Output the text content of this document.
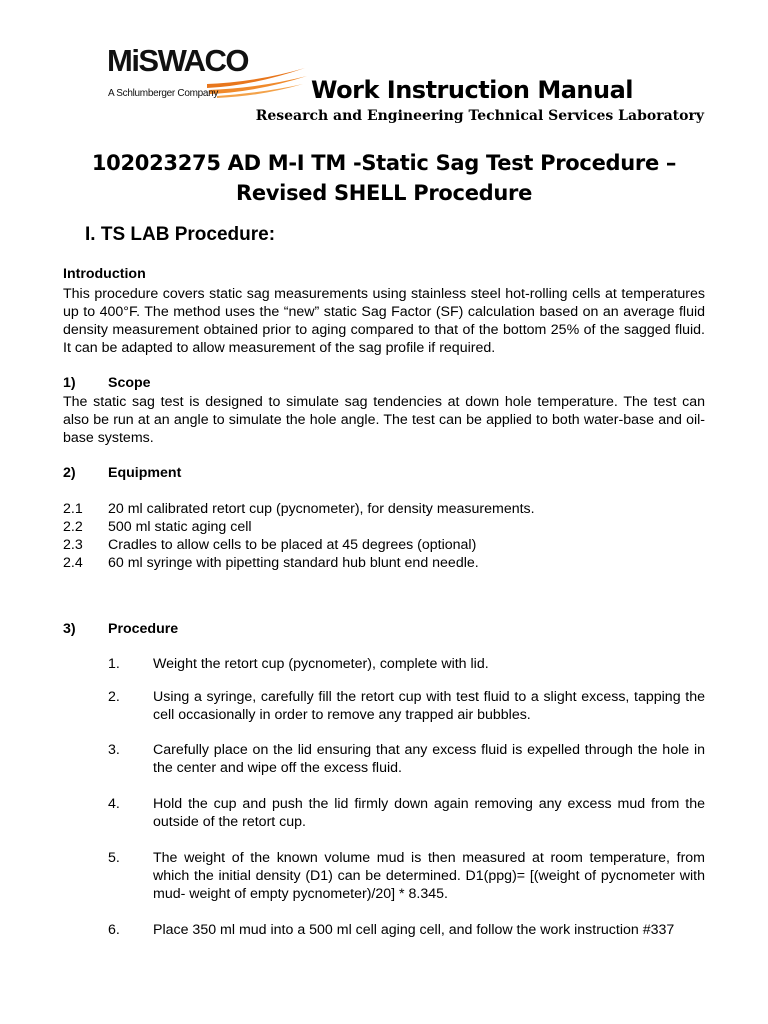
MiSWACO
A Schlumberger Company	Work Instruction Manual
Research and Engineering Technical Services Laboratory
102023275 AD M-I TM -Static Sag Test Procedure –
Revised SHELL Procedure
I. TS LAB Procedure:
Introduction
This procedure covers static sag measurements using stainless steel hot-rolling cells at temperatures up to 400°F. The method uses the “new” static Sag Factor (SF) calculation based on an average fluid density measurement obtained prior to aging compared to that of the bottom 25% of the sagged fluid. It can be adapted to allow measurement of the sag profile if required.
1) Scope
The static sag test is designed to simulate sag tendencies at down hole temperature. The test can also be run at an angle to simulate the hole angle. The test can be applied to both water-base and oil-base systems.
2) Equipment
2.1 20 ml calibrated retort cup (pycnometer), for density measurements.
2.2 500 ml static aging cell
2.3 Cradles to allow cells to be placed at 45 degrees (optional)
2.4 60 ml syringe with pipetting standard hub blunt end needle.
3) Procedure
1. Weight the retort cup (pycnometer), complete with lid.
2. Using a syringe, carefully fill the retort cup with test fluid to a slight excess, tapping the cell occasionally in order to remove any trapped air bubbles.
3. Carefully place on the lid ensuring that any excess fluid is expelled through the hole in the center and wipe off the excess fluid.
4. Hold the cup and push the lid firmly down again removing any excess mud from the outside of the retort cup.
5. The weight of the known volume mud is then measured at room temperature, from which the initial density (D1) can be determined. D1(ppg)= [(weight of pycnometer with mud- weight of empty pycnometer)/20] * 8.345.
6. Place 350 ml mud into a 500 ml cell aging cell, and follow the work instruction #337
